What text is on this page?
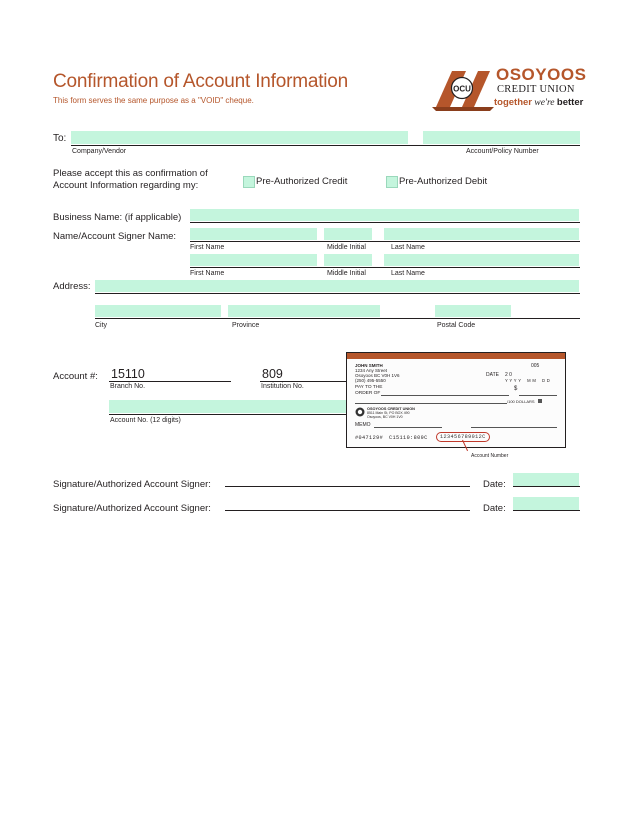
Confirmation of Account Information
This form serves the same purpose as a "VOID" cheque.
OCU
OSOYOOS
CREDIT UNION
together we're better
To:
Company/Vendor	Account/Policy Number
Please accept this as confirmation of
Account Information regarding my:	Pre-Authorized Credit	Pre-Authorized Debit
Business Name: (if applicable)
Name/Account Signer Name:
First Name	Middle Initial	Last Name
First Name	Middle Initial	Last Name
Address:
City	Province	Postal Code
Account #: 15110
Branch No.
809
Institution No.
Account No. (12 digits)
JOHN SMITH
1234 Any Street
Osoyoos BC V0H 1V6
(250) 495-5550
005
DATE 2 0
Y Y Y Y    M M    D D
PAY TO THE
ORDER OF
$
/100 DOLLARS
OSOYOOS CREDIT UNION
8511 Main St, PO BOX 490
Osoyoos, BC V0H 1V0
MEMO
#047129# C15110:809C	123456789012C
Account Number
Signature/Authorized Account Signer:	Date:
Signature/Authorized Account Signer:	Date:
